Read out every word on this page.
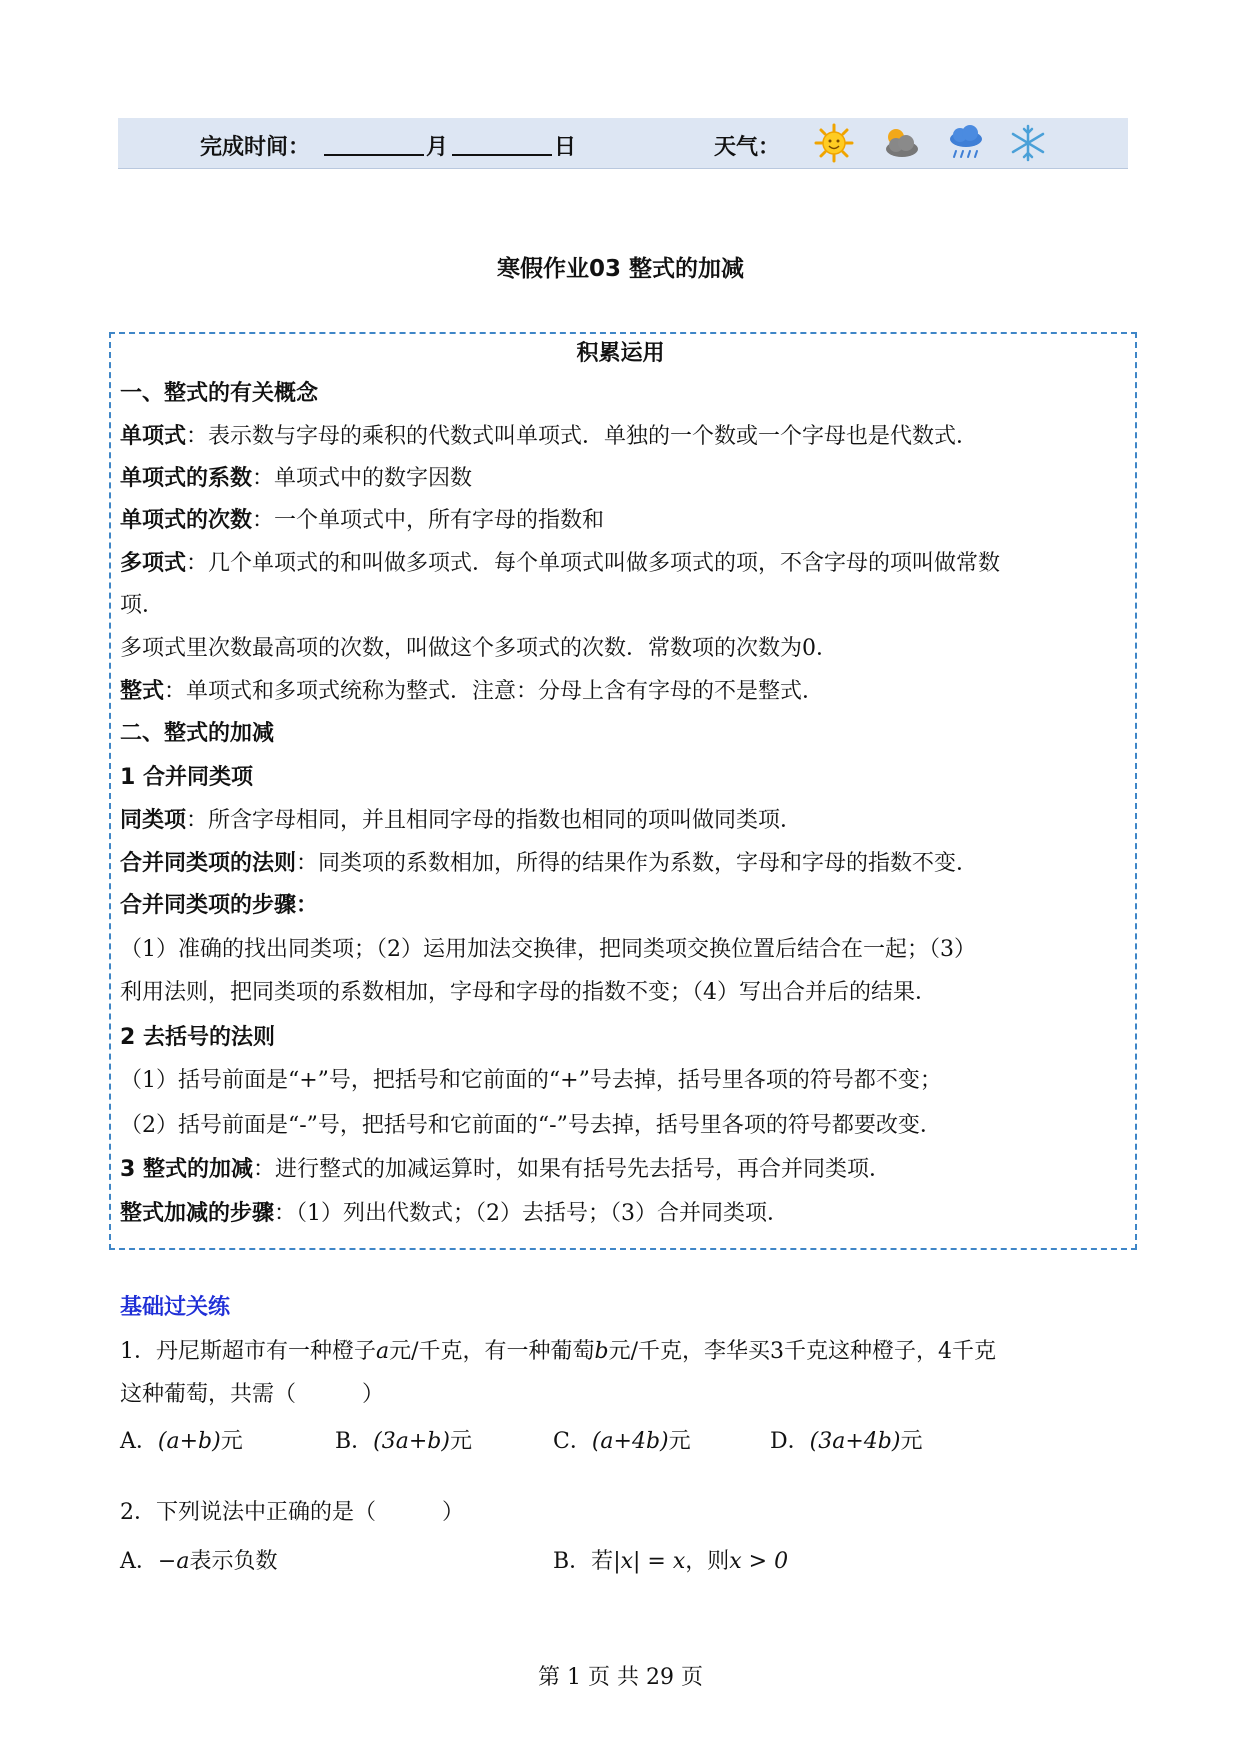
完成时间：	月	日	天气：
寒假作业03 整式的加减
积累运用
一、整式的有关概念
单项式：表示数与字母的乘积的代数式叫单项式．单独的一个数或一个字母也是代数式．
单项式的系数：单项式中的数字因数
单项式的次数：一个单项式中，所有字母的指数和
多项式：几个单项式的和叫做多项式．每个单项式叫做多项式的项，不含字母的项叫做常数
项．
多项式里次数最高项的次数，叫做这个多项式的次数．常数项的次数为0．
整式：单项式和多项式统称为整式．注意：分母上含有字母的不是整式．
二、整式的加减
1 合并同类项
同类项：所含字母相同，并且相同字母的指数也相同的项叫做同类项．
合并同类项的法则：同类项的系数相加，所得的结果作为系数，字母和字母的指数不变．
合并同类项的步骤：
（1）准确的找出同类项；（2）运用加法交换律，把同类项交换位置后结合在一起；（3）
利用法则，把同类项的系数相加，字母和字母的指数不变；（4）写出合并后的结果．
2 去括号的法则
（1）括号前面是“+”号，把括号和它前面的“+”号去掉，括号里各项的符号都不变；
（2）括号前面是“-”号，把括号和它前面的“-”号去掉，括号里各项的符号都要改变．
3 整式的加减：进行整式的加减运算时，如果有括号先去括号，再合并同类项．
整式加减的步骤：（1）列出代数式；（2）去括号；（3）合并同类项．
基础过关练
1．丹尼斯超市有一种橙子a元/千克，有一种葡萄b元/千克，李华买3千克这种橙子，4千克
这种葡萄，共需（　　　）
A．(a+b)元	B．(3a+b)元	C．(a+4b)元	D．(3a+4b)元
2．下列说法中正确的是（　　　）
A．−a表示负数	B．若|x| = x，则x > 0
第 1 页 共 29 页
